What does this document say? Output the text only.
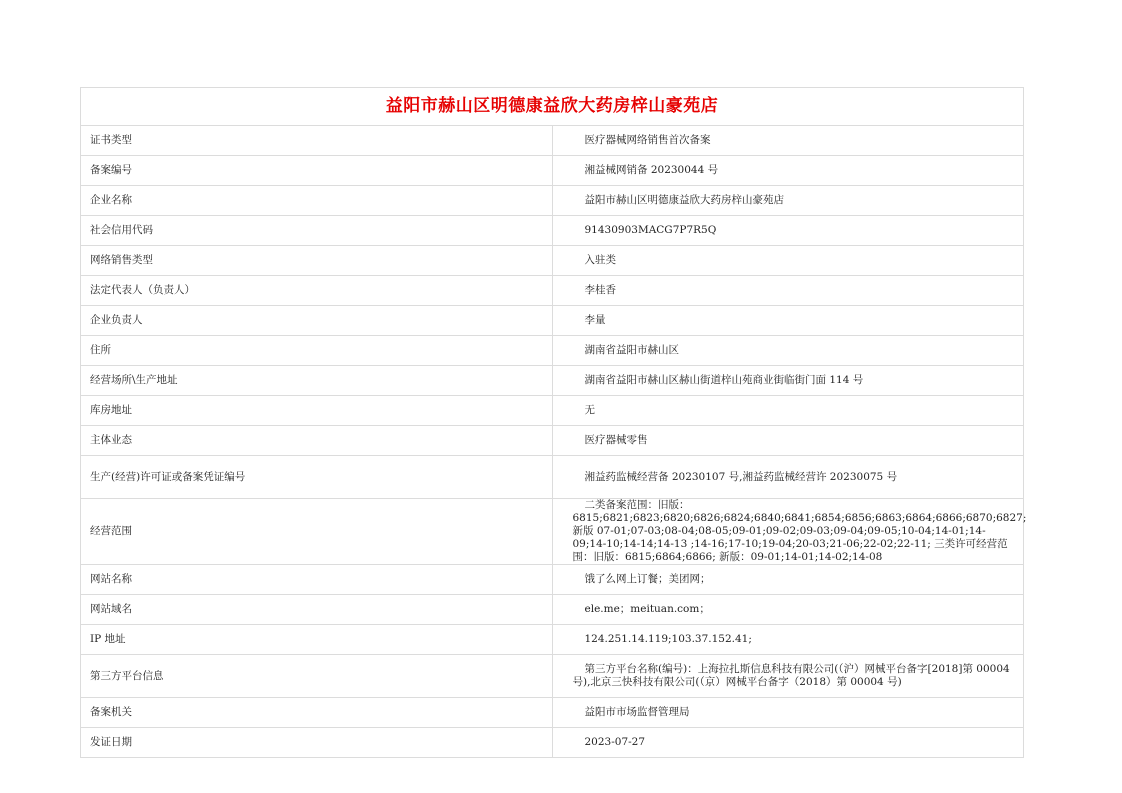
益阳市赫山区明德康益欣大药房梓山豪苑店	
证书类型	医疗器械网络销售首次备案
备案编号	湘益械网销备 20230044 号
企业名称	益阳市赫山区明德康益欣大药房梓山豪苑店
社会信用代码	91430903MACG7P7R5Q
网络销售类型	入驻类
法定代表人（负责人）	李桂香
企业负责人	李量
住所	湖南省益阳市赫山区
经营场所\生产地址	湖南省益阳市赫山区赫山街道梓山苑商业街临街门面 114 号
库房地址	无
主体业态	医疗器械零售
生产(经营)许可证或备案凭证编号	湘益药监械经营备 20230107 号,湘益药监械经营许 20230075 号
经营范围	二类备案范围：旧版：6815;6821;6823;6820;6826;6824;6840;6841;6854;6856;6863;6864;6866;6870;6827;新版 07-01;07-03;08-04;08-05;09-01;09-02;09-03;09-04;09-05;10-04;14-01;14-09;14-10;14-14;14-13 ;14-16;17-10;19-04;20-03;21-06;22-02;22-11; 三类许可经营范围：旧版：6815;6864;6866; 新版：09-01;14-01;14-02;14-08
网站名称	饿了么网上订餐；美团网；
网站域名	ele.me；meituan.com；
IP 地址	124.251.14.119;103.37.152.41;
第三方平台信息	第三方平台名称(编号)：上海拉扎斯信息科技有限公司(（沪）网械平台备字[2018]第 00004 号),北京三快科技有限公司(（京）网械平台备字（2018）第 00004 号)
备案机关	益阳市市场监督管理局
发证日期	2023-07-27
